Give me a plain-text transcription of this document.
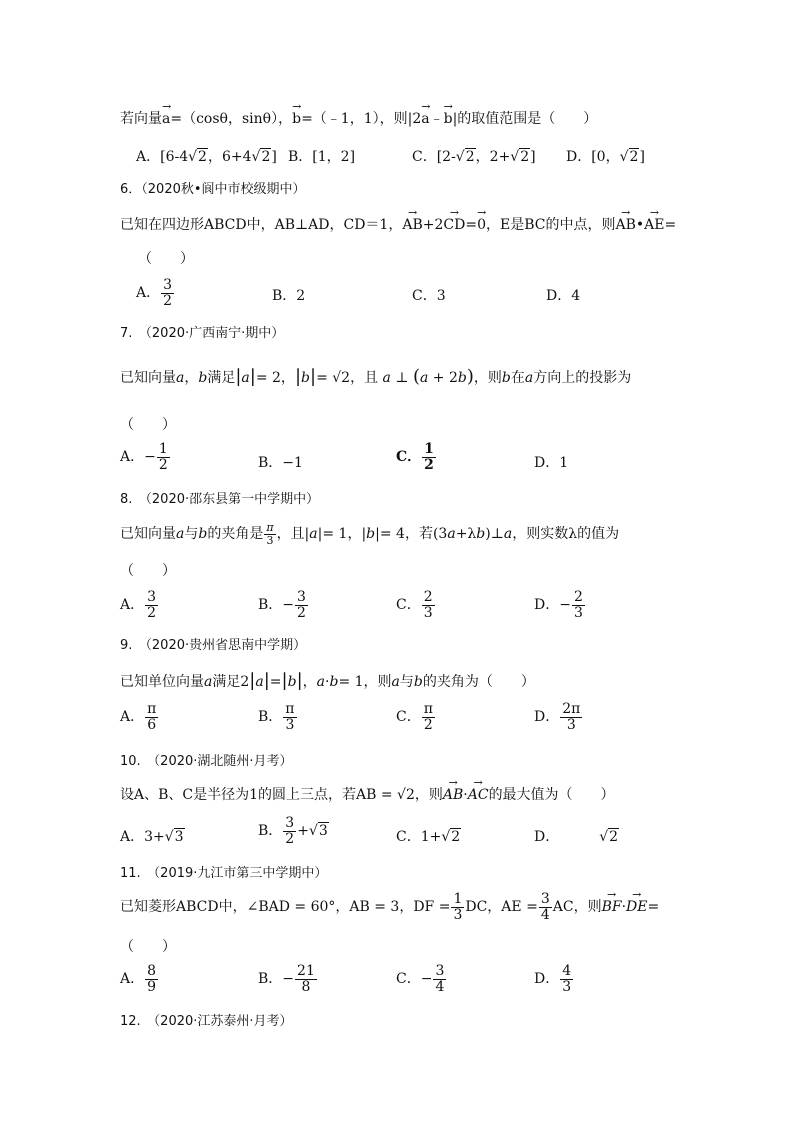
若向量→ a=（cosθ，sinθ），→ b=（﹣1，1），则|2→ a﹣→ b|的取值范围是（　　）
A．[6-4√2，6+4√2] B．[1，2]	C．[2-√2，2+√2] D．[0，√2]
6．（2020秋•阆中市校级期中）
已知在四边形ABCD中，AB⊥AD，CD＝1，→ AB+2→ CD=→ 0，E是BC的中点，则→ AB•→ AE=
（　　）
A． $\frac{3}{2}$	B．2	C．3	D．4
7.　（2020·广西南宁·期中）
已知向量a，b满足|a|= 2，|b|= √2，且 a ⊥ (a + 2b)，则b在a方向上的投影为
（　　）
A．− $\frac{1}{2}$	B．−1	C． $\frac{1}{2}$	D．1
8.　（2020·邵东县第一中学期中）
已知向量a与b的夹角是 $\frac{\pi}{3}$ ，且|a|= 1，|b|= 4，若(3a+λb)⊥a，则实数λ的值为
（　　）
A． $\frac{3}{2}$	B．− $\frac{3}{2}$	C． $\frac{2}{3}$	D．− $\frac{2}{3}$
9.　（2020·贵州省思南中学期）
已知单位向量a满足2|a|=|b|，a·b= 1，则a与b的夹角为（　　）
A． $\frac{\pi}{6}$	B． $\frac{\pi}{3}$	C． $\frac{\pi}{2}$	D． $\frac{2\pi}{3}$
10.　（2020·湖北随州·月考）
设A、B、C是半径为1的圆上三点，若AB = √2，则→ AB·→ AC的最大值为（　　）
A．3+√3	B． $\frac{3}{2} +√3$	C．1+√2	D．	√2
11.　（2019·九江市第三中学期中）
已知菱形ABCD中，∠BAD = 60°，AB = 3，DF = $\frac{1}{3}$ DC，AE = $\frac{3}{4}$ AC，则→ BF·→ DE=
（　　）
A． $\frac{8}{9}$	B．− $\frac{21}{8}$	C．− $\frac{3}{4}$	D． $\frac{4}{3}$
12.　（2020·江苏泰州·月考）
